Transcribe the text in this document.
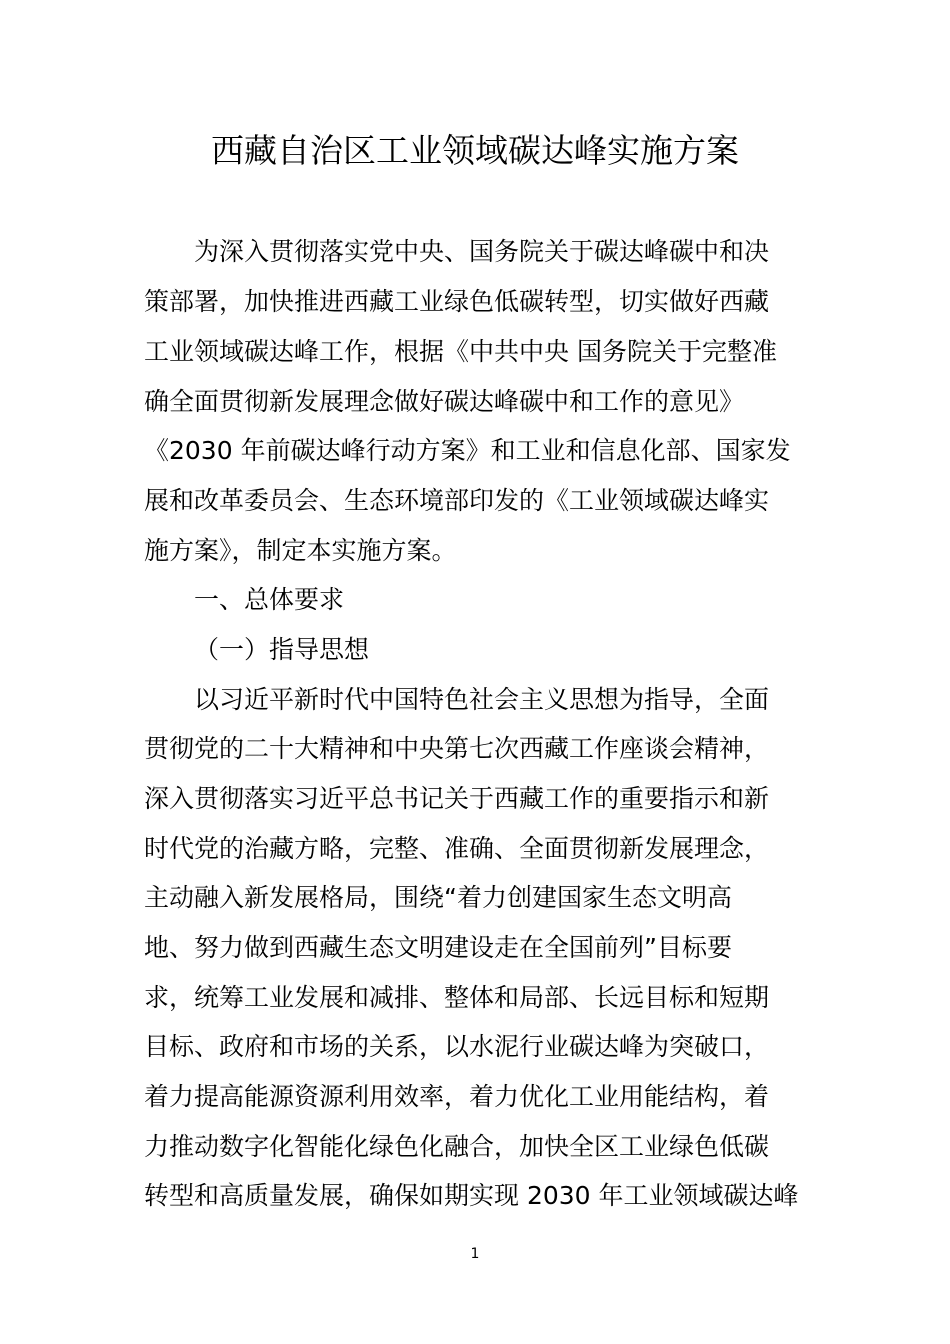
西藏自治区工业领域碳达峰实施方案
为深入贯彻落实党中央、国务院关于碳达峰碳中和决
策部署，加快推进西藏工业绿色低碳转型，切实做好西藏
工业领域碳达峰工作，根据《中共中央 国务院关于完整准
确全面贯彻新发展理念做好碳达峰碳中和工作的意见》
《2030 年前碳达峰行动方案》和工业和信息化部、国家发
展和改革委员会、生态环境部印发的《工业领域碳达峰实
施方案》，制定本实施方案。
一、总体要求
（一）指导思想
以习近平新时代中国特色社会主义思想为指导，全面
贯彻党的二十大精神和中央第七次西藏工作座谈会精神，
深入贯彻落实习近平总书记关于西藏工作的重要指示和新
时代党的治藏方略，完整、准确、全面贯彻新发展理念，
主动融入新发展格局，围绕“着力创建国家生态文明高
地、努力做到西藏生态文明建设走在全国前列”目标要
求，统筹工业发展和减排、整体和局部、长远目标和短期
目标、政府和市场的关系，以水泥行业碳达峰为突破口，
着力提高能源资源利用效率，着力优化工业用能结构，着
力推动数字化智能化绿色化融合，加快全区工业绿色低碳
转型和高质量发展，确保如期实现 2030 年工业领域碳达峰
1
